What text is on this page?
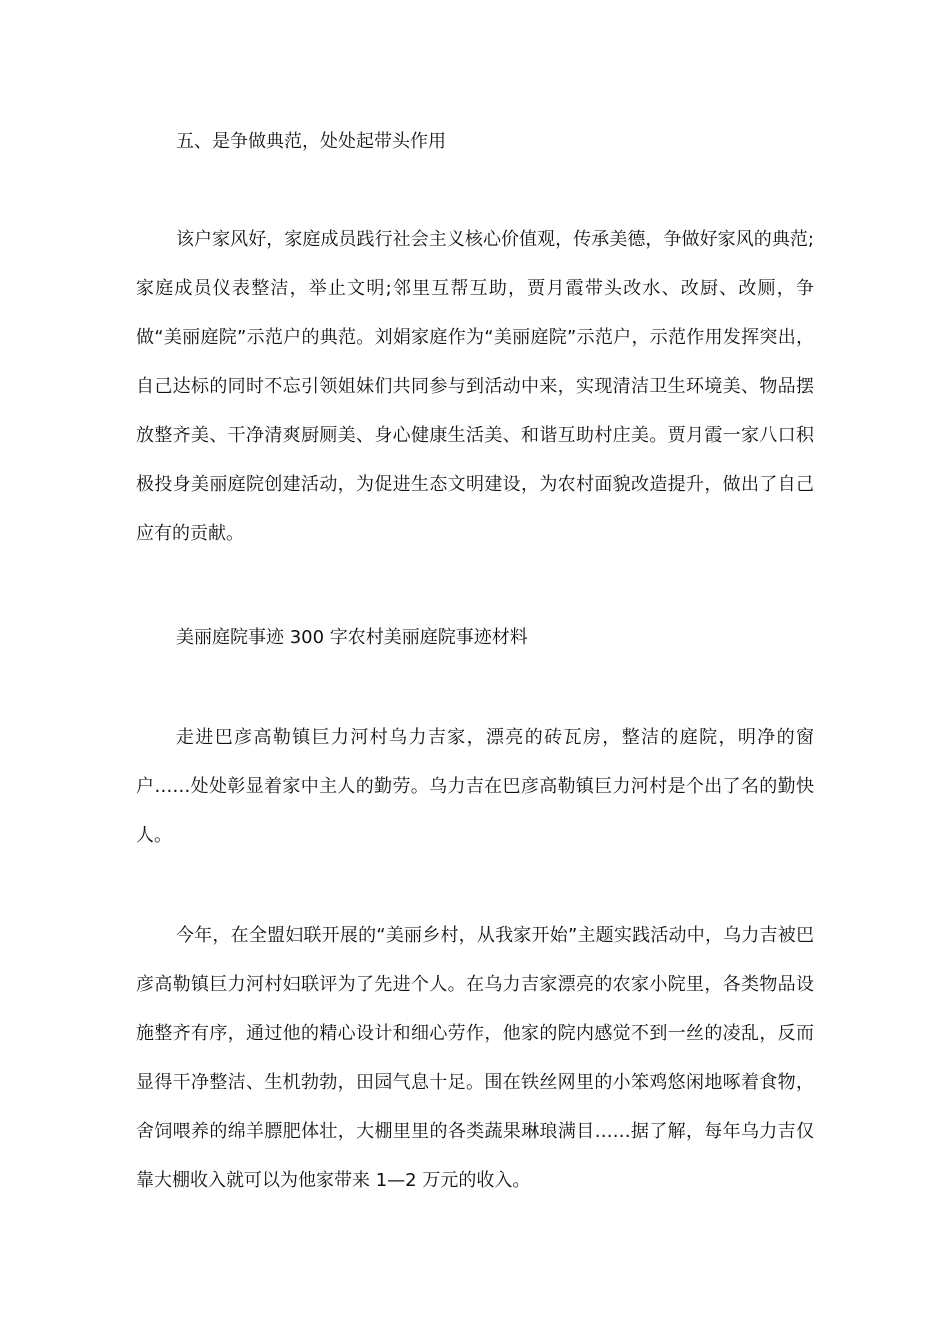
五、是争做典范，处处起带头作用

该户家风好，家庭成员践行社会主义核心价值观，传承美德，争做好家风的典范;家庭成员仪表整洁，举止文明;邻里互帮互助，贾月霞带头改水、改厨、改厕，争做“美丽庭院”示范户的典范。刘娟家庭作为“美丽庭院”示范户，示范作用发挥突出，自己达标的同时不忘引领姐妹们共同参与到活动中来，实现清洁卫生环境美、物品摆放整齐美、干净清爽厨厕美、身心健康生活美、和谐互助村庄美。贾月霞一家八口积极投身美丽庭院创建活动，为促进生态文明建设，为农村面貌改造提升，做出了自己应有的贡献。

美丽庭院事迹 300 字农村美丽庭院事迹材料

走进巴彦高勒镇巨力河村乌力吉家，漂亮的砖瓦房，整洁的庭院，明净的窗户……处处彰显着家中主人的勤劳。乌力吉在巴彦高勒镇巨力河村是个出了名的勤快人。

今年，在全盟妇联开展的“美丽乡村，从我家开始”主题实践活动中，乌力吉被巴彦高勒镇巨力河村妇联评为了先进个人。在乌力吉家漂亮的农家小院里，各类物品设施整齐有序，通过他的精心设计和细心劳作，他家的院内感觉不到一丝的凌乱，反而显得干净整洁、生机勃勃，田园气息十足。围在铁丝网里的小笨鸡悠闲地啄着食物，舍饲喂养的绵羊膘肥体壮，大棚里里的各类蔬果琳琅满目……据了解，每年乌力吉仅靠大棚收入就可以为他家带来 1—2 万元的收入。
